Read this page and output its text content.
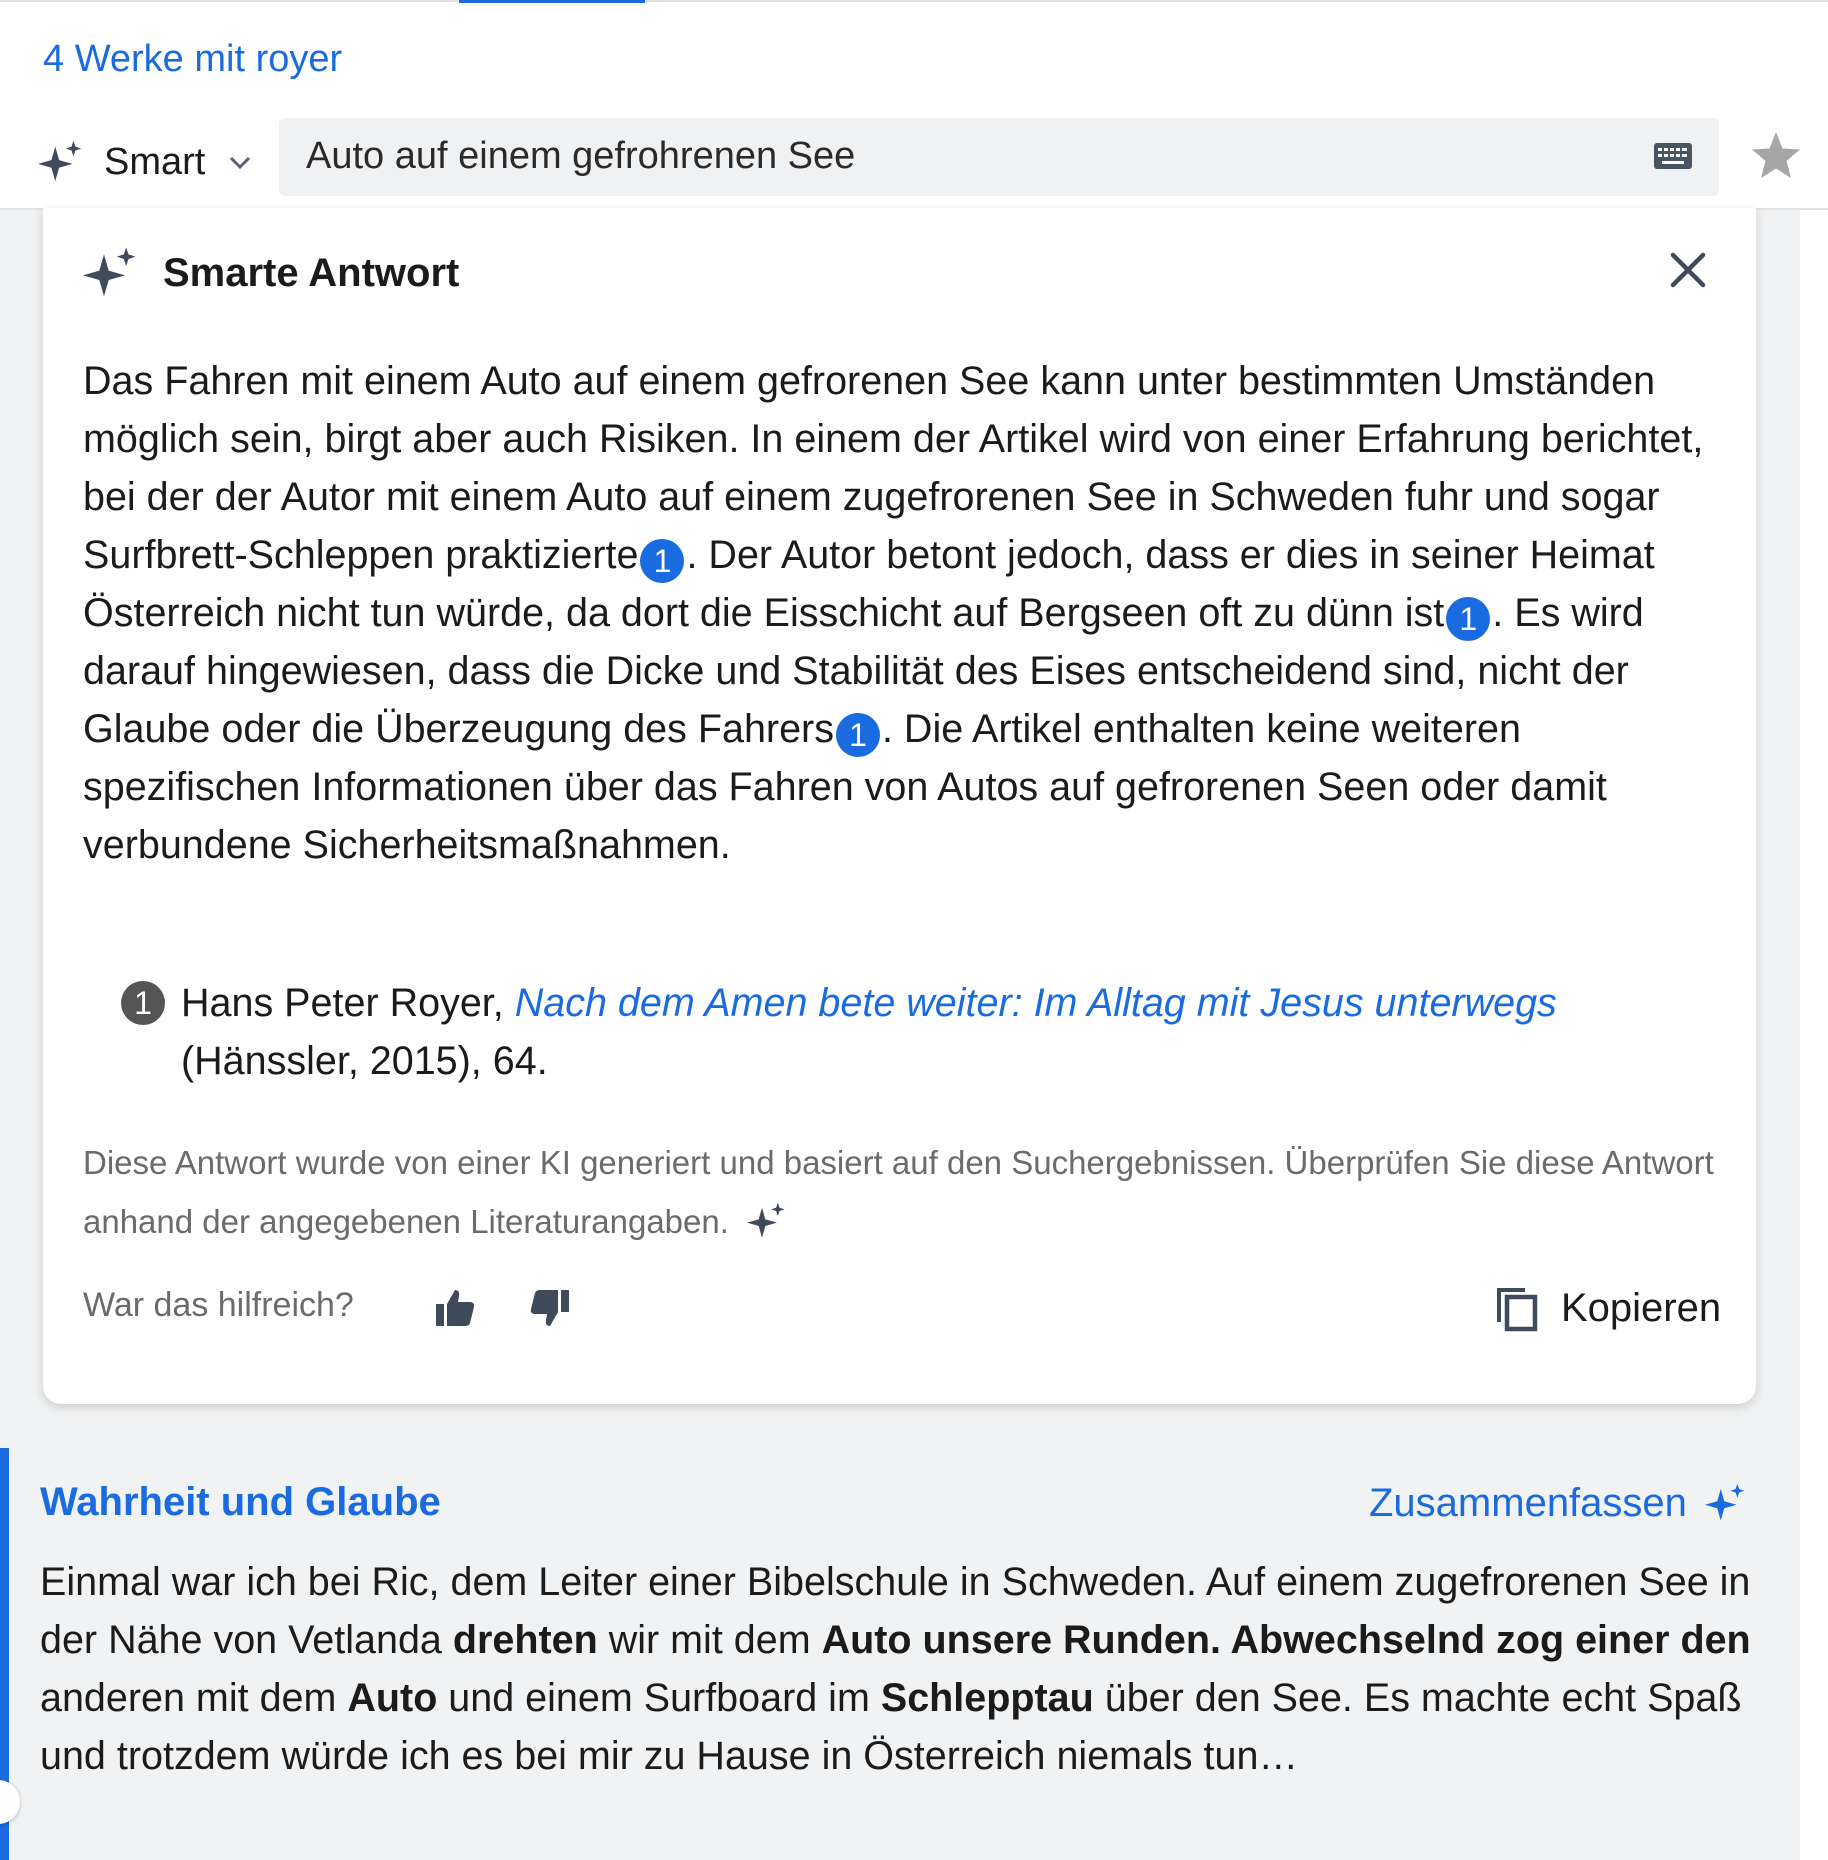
4 Werke mit royer
Smart	Auto auf einem gefrohrenen See
Smarte Antwort
Das Fahren mit einem Auto auf einem gefrorenen See kann unter bestimmten Umständen möglich sein, birgt aber auch Risiken. In einem der Artikel wird von einer Erfahrung berichtet, bei der der Autor mit einem Auto auf einem zugefrorenen See in Schweden fuhr und sogar Surfbrett-Schleppen praktizierte 1 . Der Autor betont jedoch, dass er dies in seiner Heimat Österreich nicht tun würde, da dort die Eisschicht auf Bergseen oft zu dünn ist 1 . Es wird darauf hingewiesen, dass die Dicke und Stabilität des Eises entscheidend sind, nicht der Glaube oder die Überzeugung des Fahrers 1 . Die Artikel enthalten keine weiteren spezifischen Informationen über das Fahren von Autos auf gefrorenen Seen oder damit verbundene Sicherheitsmaßnahmen.
1 Hans Peter Royer, Nach dem Amen bete weiter: Im Alltag mit Jesus unterwegs (Hänssler, 2015), 64.
Diese Antwort wurde von einer KI generiert und basiert auf den Suchergebnissen. Überprüfen Sie diese Antwort anhand der angegebenen Literaturangaben.
War das hilfreich?	Kopieren
Wahrheit und Glaube	Zusammenfassen
Einmal war ich bei Ric, dem Leiter einer Bibelschule in Schweden. Auf einem zugefrorenen See in der Nähe von Vetlanda drehten wir mit dem Auto unsere Runden. Abwechselnd zog einer den anderen mit dem Auto und einem Surfboard im Schlepptau über den See. Es machte echt Spaß und trotzdem würde ich es bei mir zu Hause in Österreich niemals tun…
